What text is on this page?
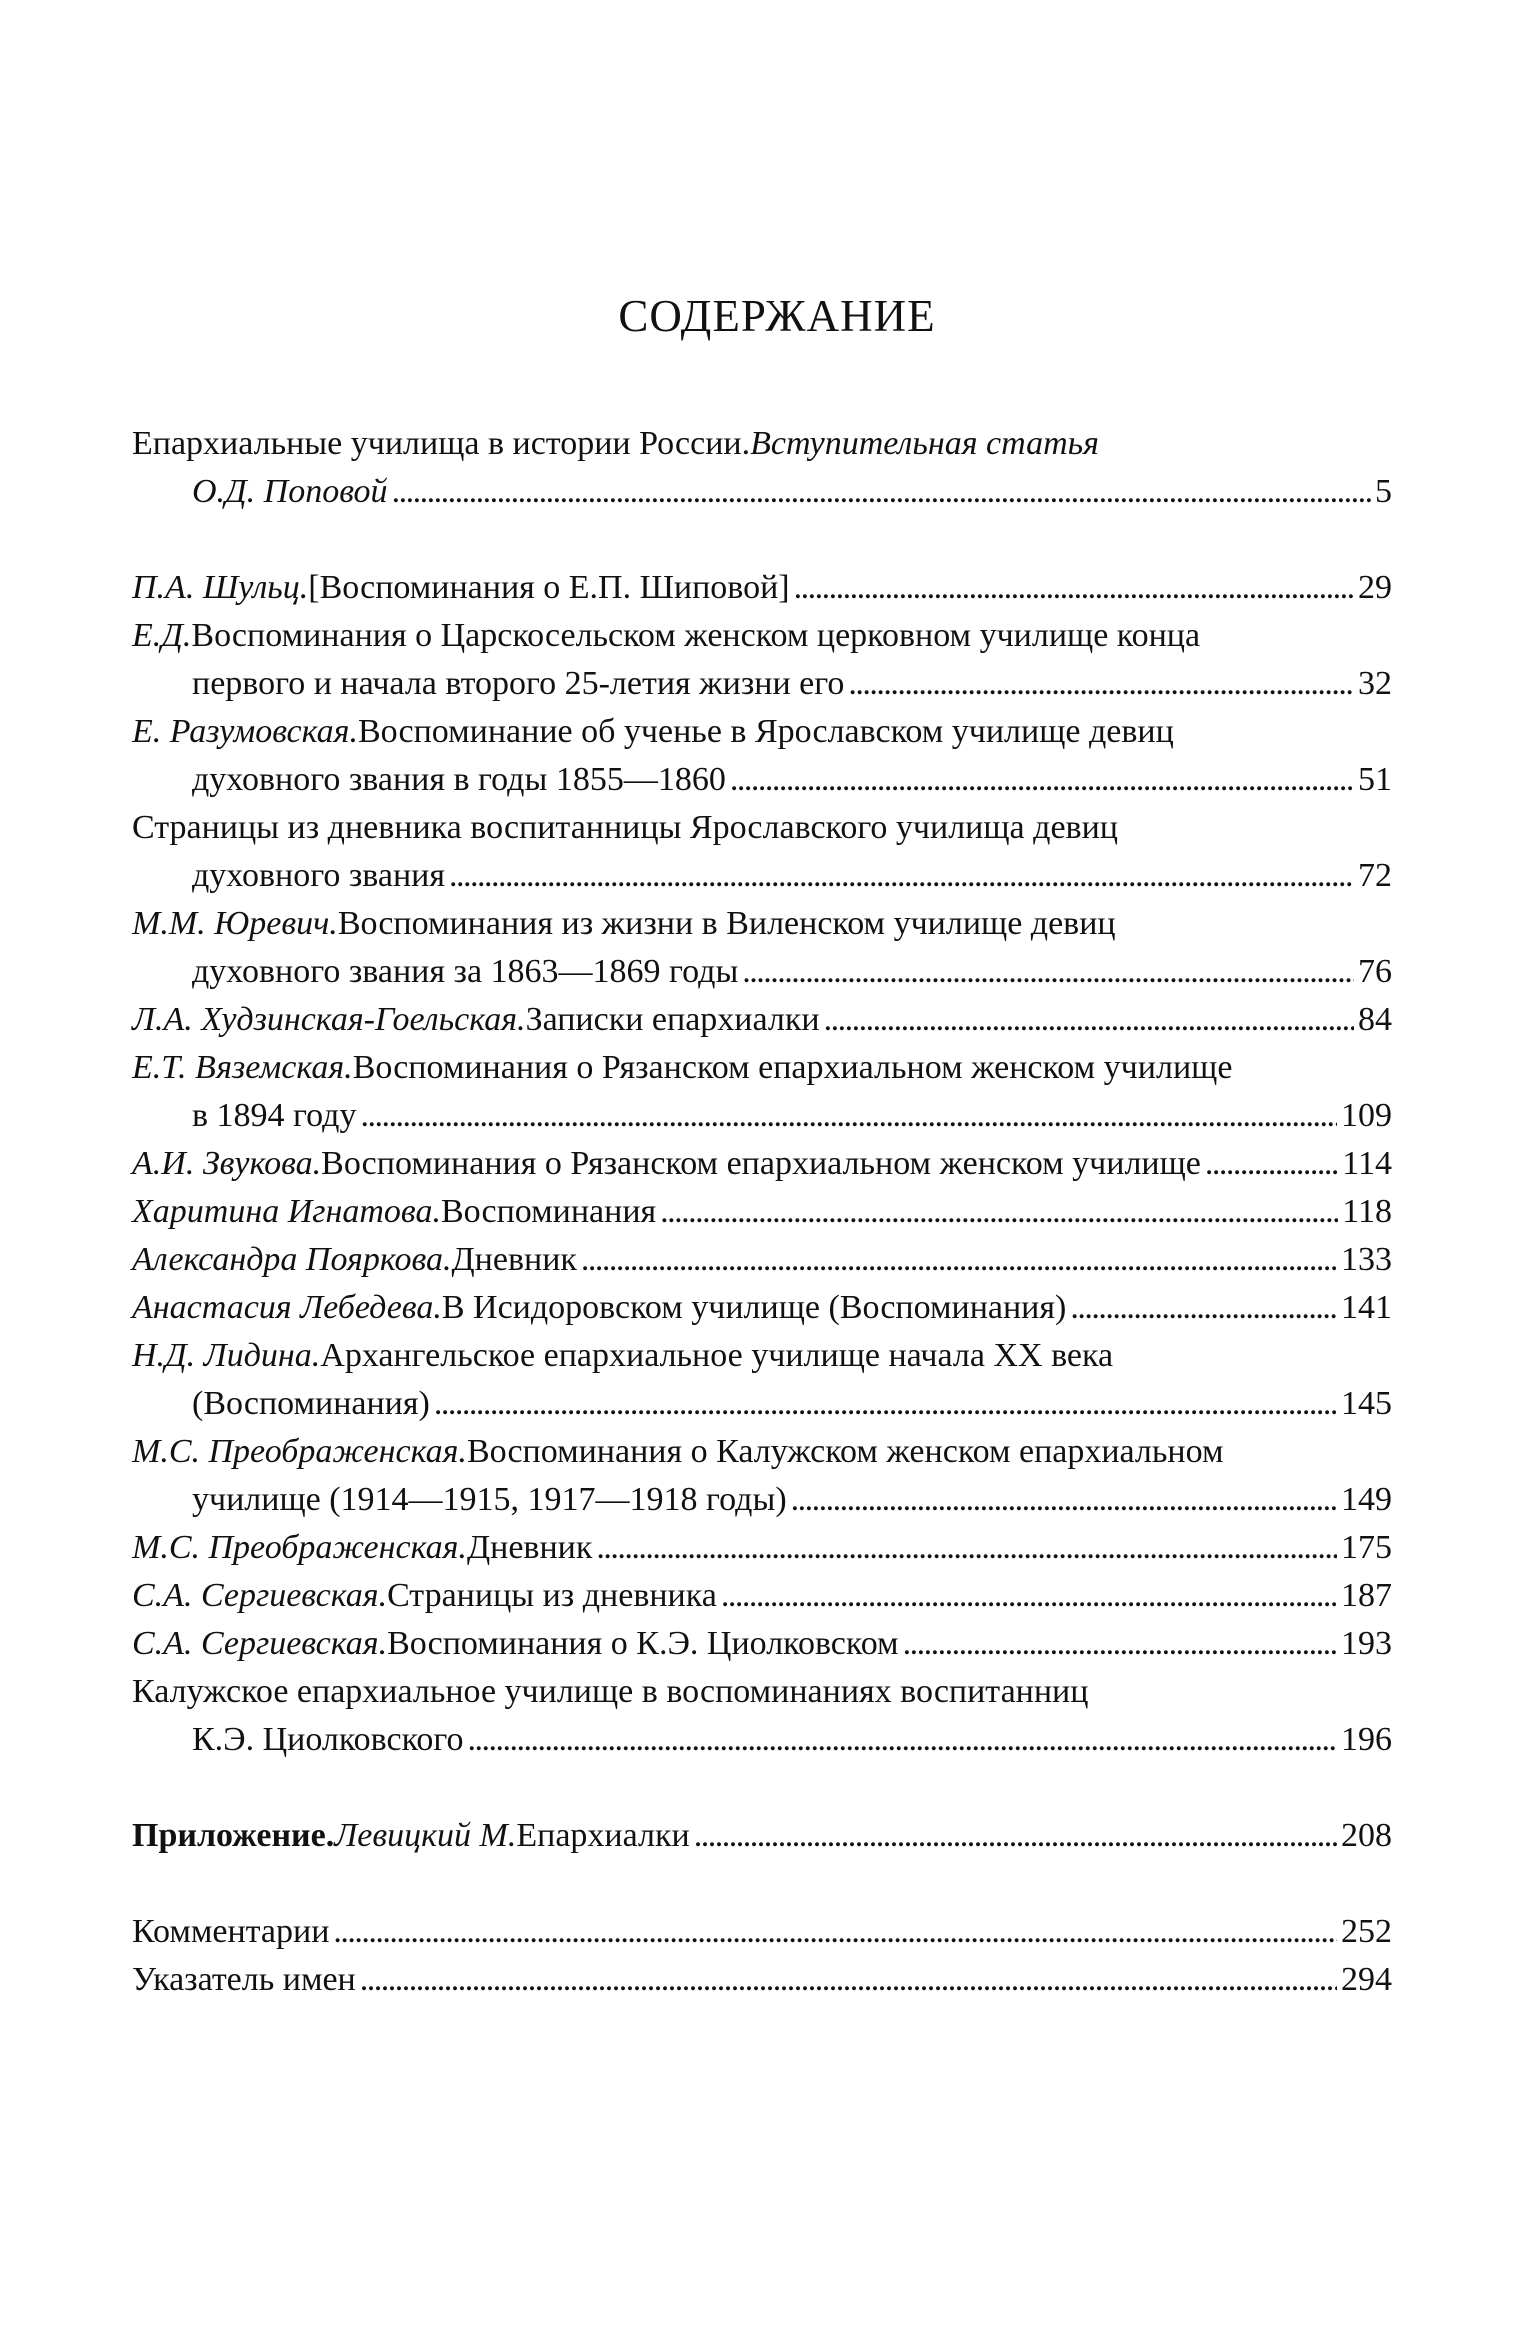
СОДЕРЖАНИЕ
Епархиальные училища в истории России. Вступительная статья
О.Д. Поповой . . .	5
П.А. Шульц. [Воспоминания о Е.П. Шиповой] . . .	29
Е.Д. Воспоминания о Царскосельском женском церковном училище конца
первого и начала второго 25-летия жизни его . . .	32
Е. Разумовская. Воспоминание об ученье в Ярославском училище девиц
духовного звания в годы 1855—1860 . . .	51
Страницы из дневника воспитанницы Ярославского училища девиц
духовного звания . . .	72
М.М. Юревич. Воспоминания из жизни в Виленском училище девиц
духовного звания за 1863—1869 годы . . .	76
Л.А. Худзинская-Гоельская. Записки епархиалки . . .	84
Е.Т. Вяземская. Воспоминания о Рязанском епархиальном женском училище
в 1894 году . . .	109
А.И. Звукова. Воспоминания о Рязанском епархиальном женском училище . . .	114
Харитина Игнатова. Воспоминания . . .	118
Александра Пояркова. Дневник . . .	133
Анастасия Лебедева. В Исидоровском училище (Воспоминания) . . .	141
Н.Д. Лидина. Архангельское епархиальное училище начала XX века
(Воспоминания) . . .	145
М.С. Преображенская. Воспоминания о Калужском женском епархиальном
училище (1914—1915, 1917—1918 годы) . . .	149
М.С. Преображенская. Дневник . . .	175
С.А. Сергиевская. Страницы из дневника . . .	187
С.А. Сергиевская. Воспоминания о К.Э. Циолковском . . .	193
Калужское епархиальное училище в воспоминаниях воспитанниц
К.Э. Циолковского . . .	196
Приложение. Левицкий М. Епархиалки . . .	208
Комментарии . . .	252
Указатель имен . . .	294
